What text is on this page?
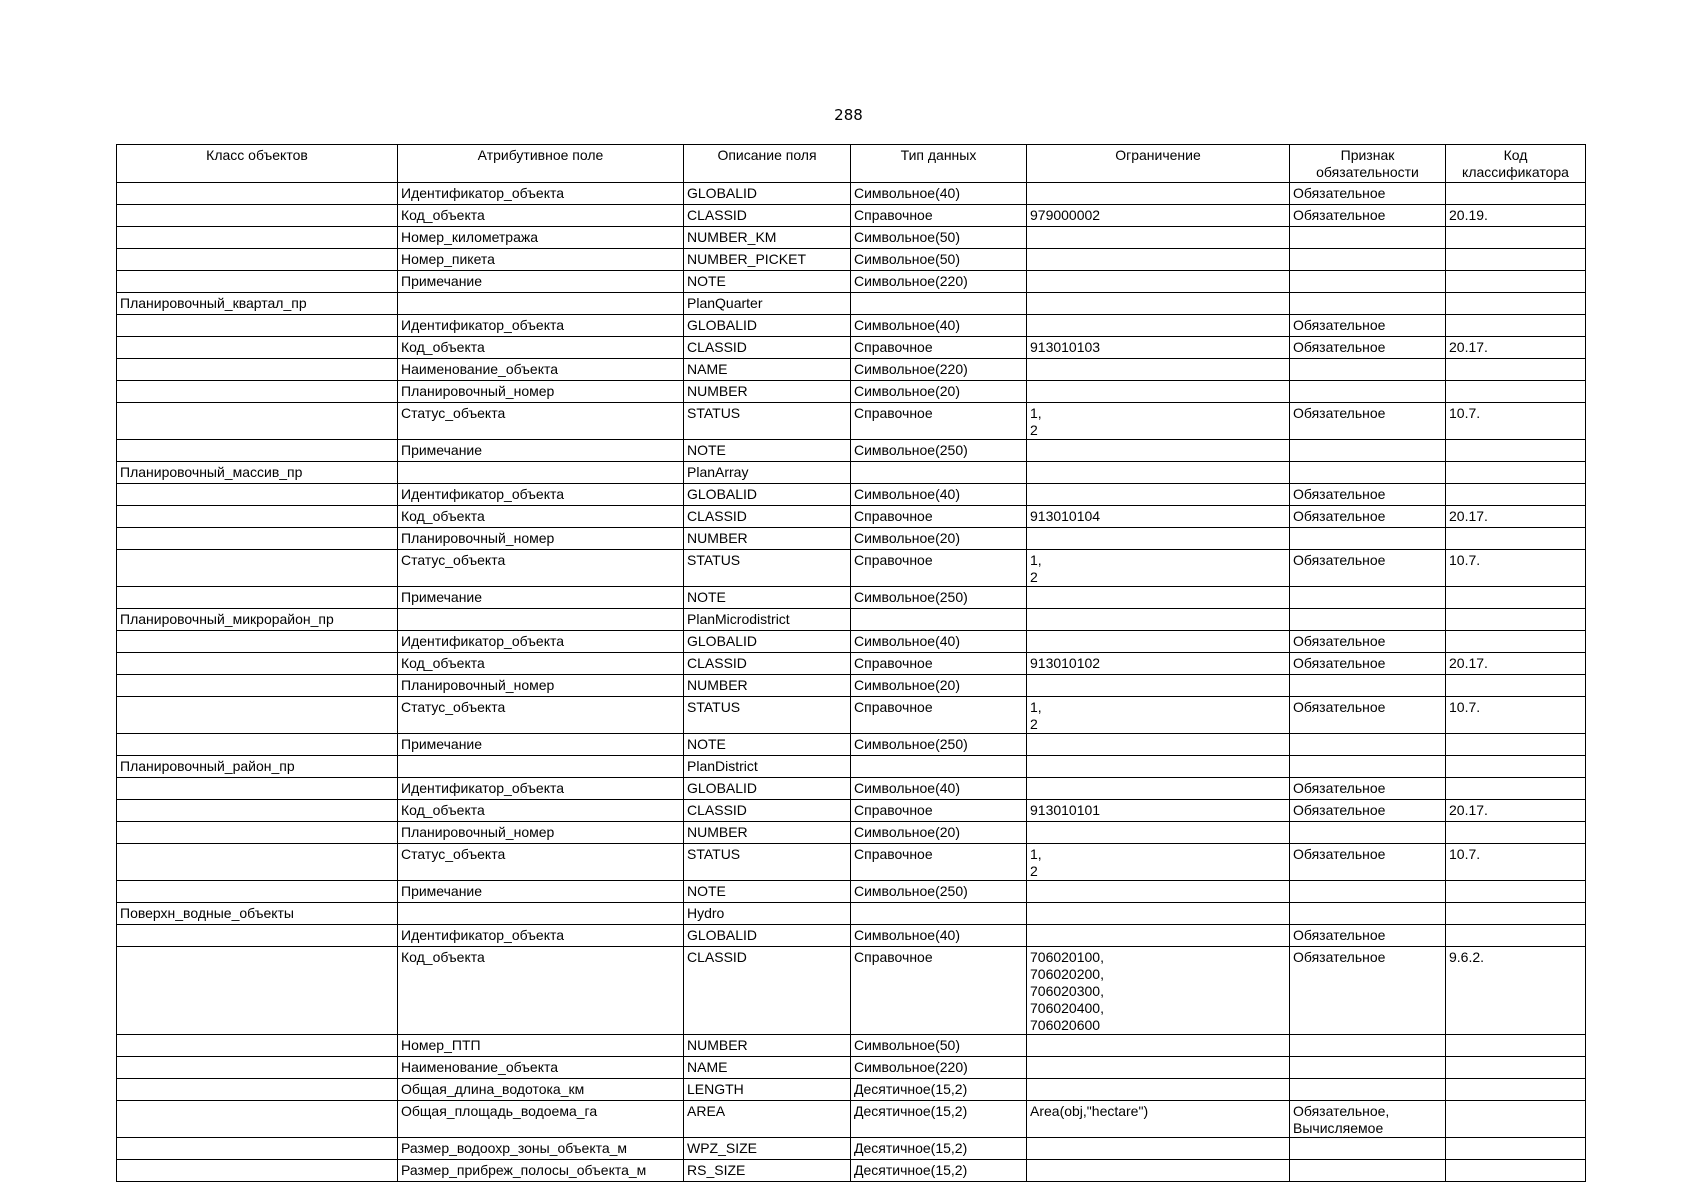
288
Класс объектов	Атрибутивное поле	Описание поля	Тип данных	Ограничение	Признак
обязательности	Код
классификатора
	Идентификатор_объекта	GLOBALID	Символьное(40)		Обязательное	
	Код_объекта	CLASSID	Справочное	979000002	Обязательное	20.19.
	Номер_километража	NUMBER_KM	Символьное(50)			
	Номер_пикета	NUMBER_PICKET	Символьное(50)			
	Примечание	NOTE	Символьное(220)			
Планировочный_квартал_пр		PlanQuarter				
	Идентификатор_объекта	GLOBALID	Символьное(40)		Обязательное	
	Код_объекта	CLASSID	Справочное	913010103	Обязательное	20.17.
	Наименование_объекта	NAME	Символьное(220)			
	Планировочный_номер	NUMBER	Символьное(20)			
	Статус_объекта	STATUS	Справочное	1,
2	Обязательное	10.7.
	Примечание	NOTE	Символьное(250)			
Планировочный_массив_пр		PlanArray				
	Идентификатор_объекта	GLOBALID	Символьное(40)		Обязательное	
	Код_объекта	CLASSID	Справочное	913010104	Обязательное	20.17.
	Планировочный_номер	NUMBER	Символьное(20)			
	Статус_объекта	STATUS	Справочное	1,
2	Обязательное	10.7.
	Примечание	NOTE	Символьное(250)			
Планировочный_микрорайон_пр		PlanMicrodistrict				
	Идентификатор_объекта	GLOBALID	Символьное(40)		Обязательное	
	Код_объекта	CLASSID	Справочное	913010102	Обязательное	20.17.
	Планировочный_номер	NUMBER	Символьное(20)			
	Статус_объекта	STATUS	Справочное	1,
2	Обязательное	10.7.
	Примечание	NOTE	Символьное(250)			
Планировочный_район_пр		PlanDistrict				
	Идентификатор_объекта	GLOBALID	Символьное(40)		Обязательное	
	Код_объекта	CLASSID	Справочное	913010101	Обязательное	20.17.
	Планировочный_номер	NUMBER	Символьное(20)			
	Статус_объекта	STATUS	Справочное	1,
2	Обязательное	10.7.
	Примечание	NOTE	Символьное(250)			
Поверхн_водные_объекты		Hydro				
	Идентификатор_объекта	GLOBALID	Символьное(40)		Обязательное	
	Код_объекта	CLASSID	Справочное	706020100,
706020200,
706020300,
706020400,
706020600	Обязательное	9.6.2.
	Номер_ПТП	NUMBER	Символьное(50)			
	Наименование_объекта	NAME	Символьное(220)			
	Общая_длина_водотока_км	LENGTH	Десятичное(15,2)			
	Общая_площадь_водоема_га	AREA	Десятичное(15,2)	Area(obj,"hectare")	Обязательное,
Вычисляемое	
	Размер_водоохр_зоны_объекта_м	WPZ_SIZE	Десятичное(15,2)			
	Размер_прибреж_полосы_объекта_м	RS_SIZE	Десятичное(15,2)			
